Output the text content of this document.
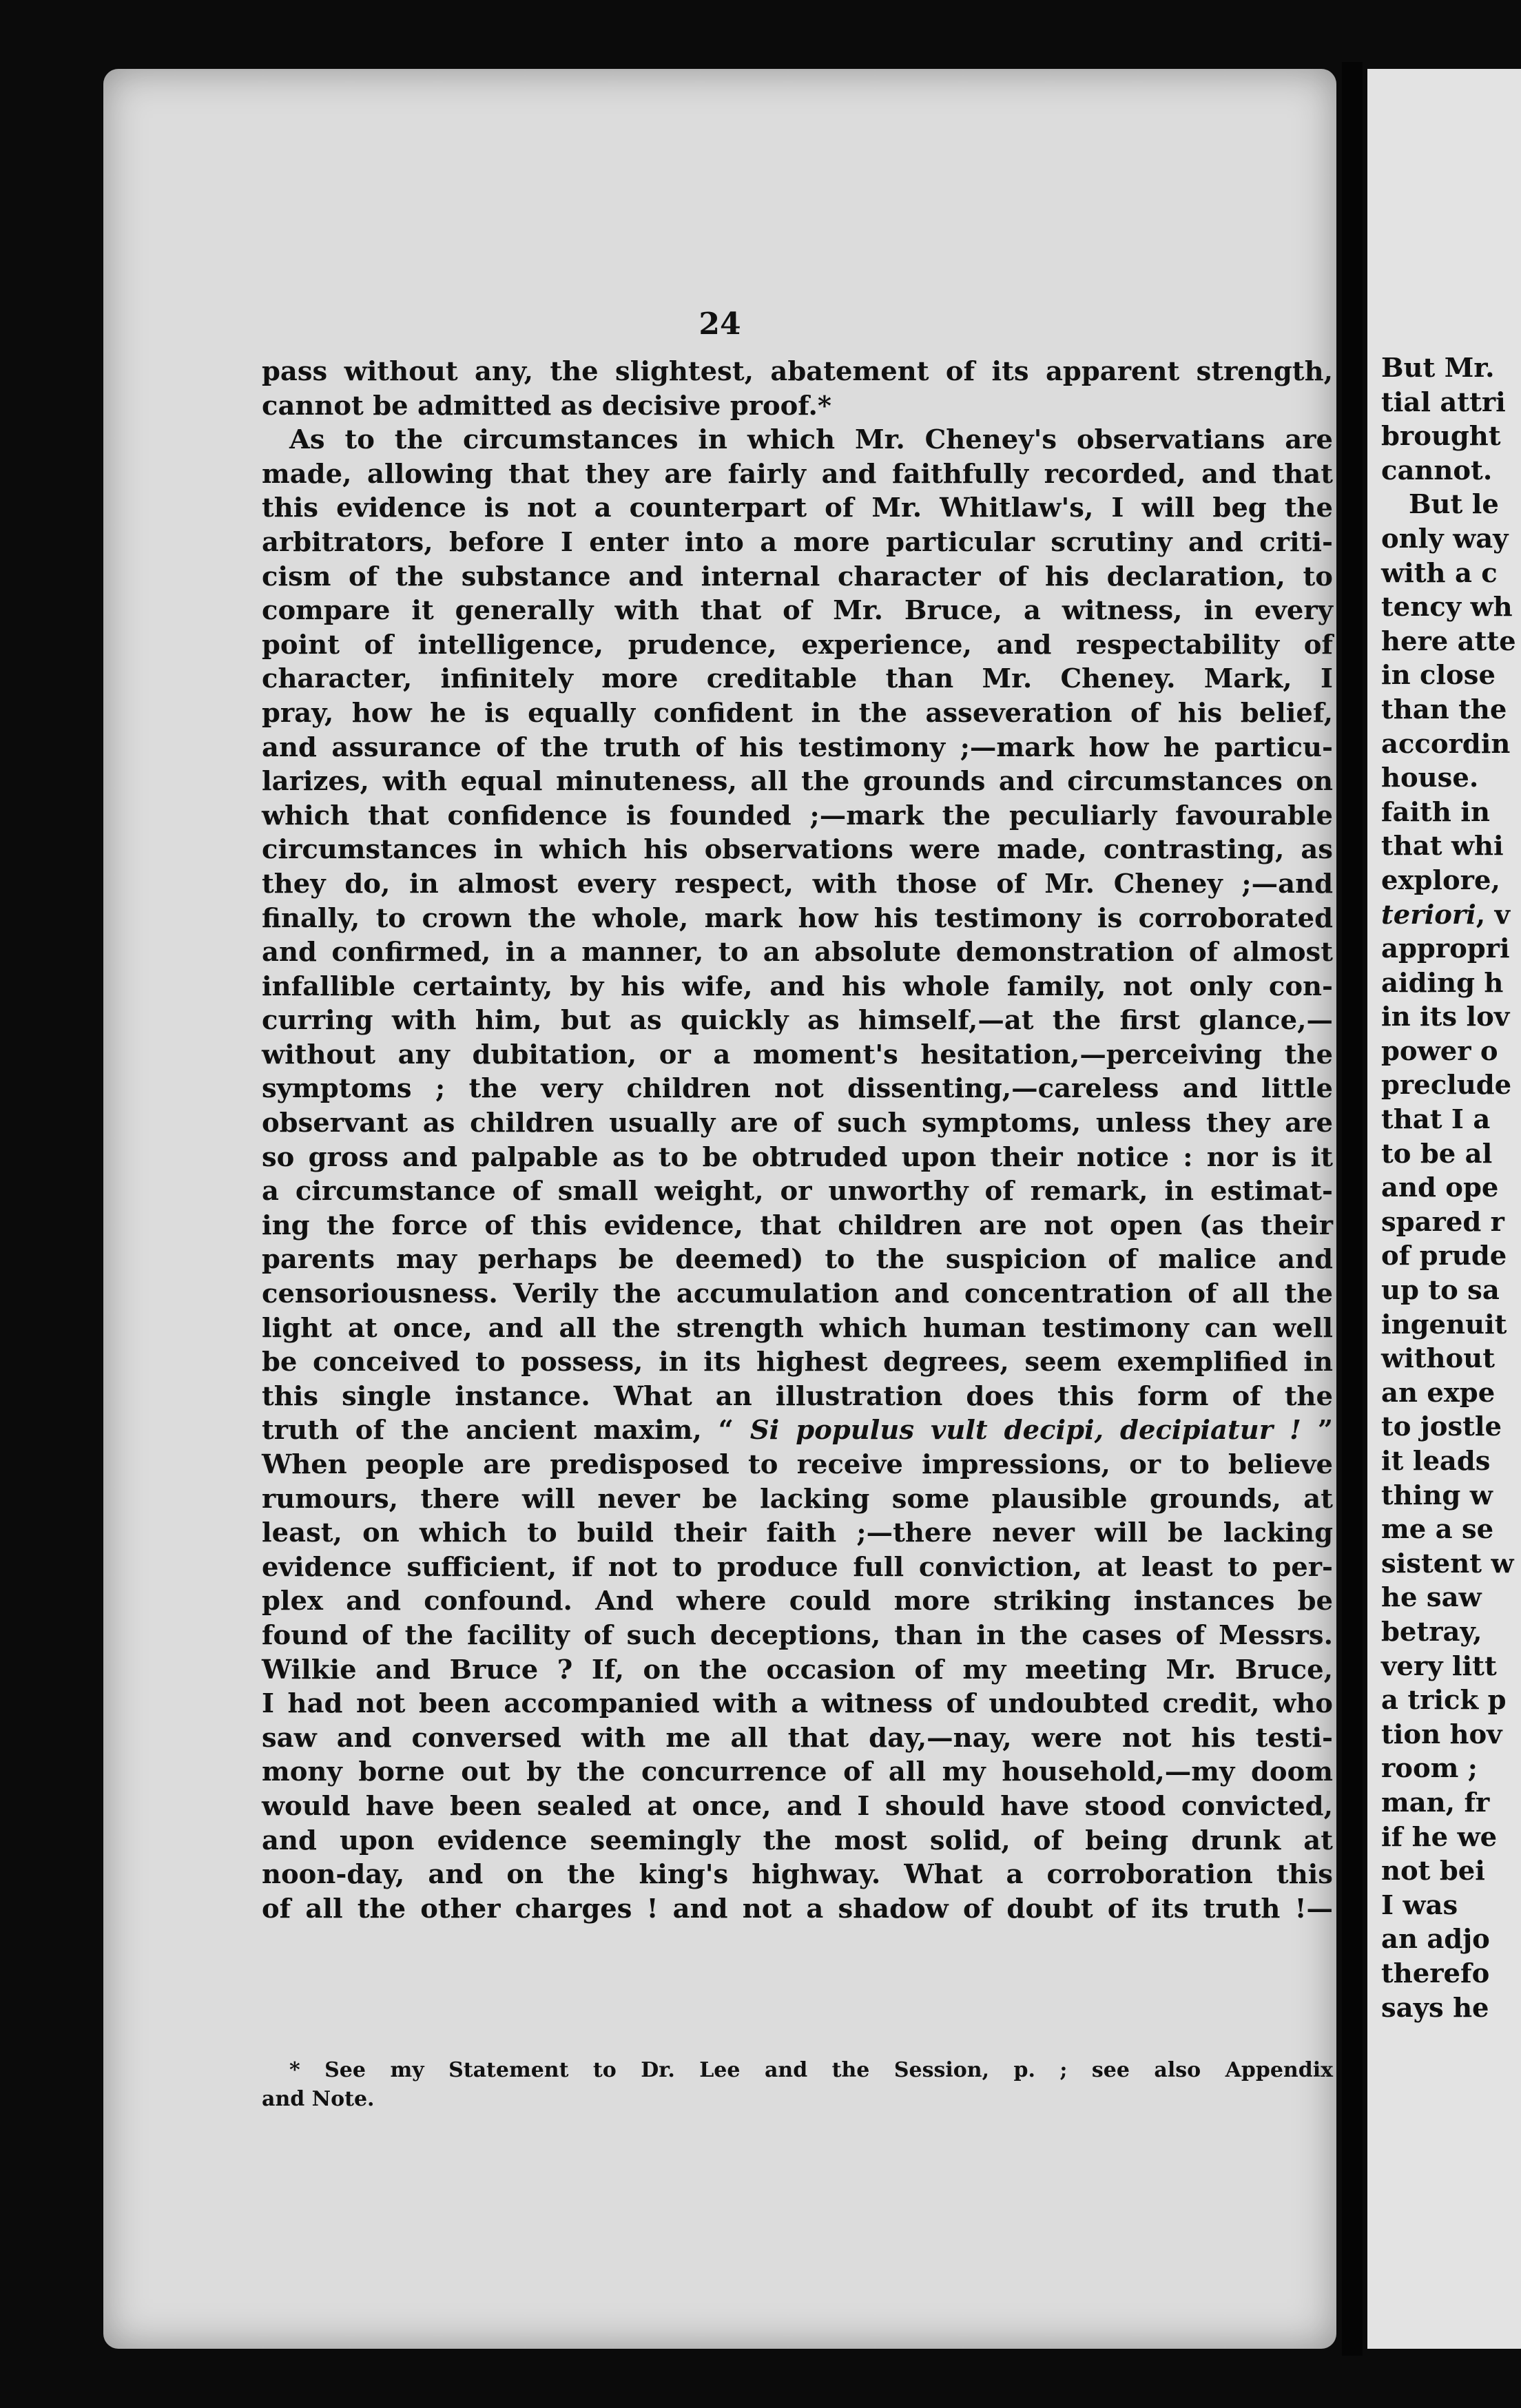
24
pass without any, the slightest, abatement of its apparent strength,
cannot be admitted as decisive proof.*
As to the circumstances in which Mr. Cheney's observatians are
made, allowing that they are fairly and faithfully recorded, and that
this evidence is not a counterpart of Mr. Whitlaw's, I will beg the
arbitrators, before I enter into a more particular scrutiny and criti-
cism of the substance and internal character of his declaration, to
compare it generally with that of Mr. Bruce, a witness, in every
point of intelligence, prudence, experience, and respectability of
character, infinitely more creditable than Mr. Cheney. Mark, I
pray, how he is equally confident in the asseveration of his belief,
and assurance of the truth of his testimony ;—mark how he particu-
larizes, with equal minuteness, all the grounds and circumstances on
which that confidence is founded ;—mark the peculiarly favourable
circumstances in which his observations were made, contrasting, as
they do, in almost every respect, with those of Mr. Cheney ;—and
finally, to crown the whole, mark how his testimony is corroborated
and confirmed, in a manner, to an absolute demonstration of almost
infallible certainty, by his wife, and his whole family, not only con-
curring with him, but as quickly as himself,—at the first glance,—
without any dubitation, or a moment's hesitation,—perceiving the
symptoms ; the very children not dissenting,—careless and little
observant as children usually are of such symptoms, unless they are
so gross and palpable as to be obtruded upon their notice : nor is it
a circumstance of small weight, or unworthy of remark, in estimat-
ing the force of this evidence, that children are not open (as their
parents may perhaps be deemed) to the suspicion of malice and
censoriousness. Verily the accumulation and concentration of all the
light at once, and all the strength which human testimony can well
be conceived to possess, in its highest degrees, seem exemplified in
this single instance. What an illustration does this form of the
truth of the ancient maxim, “ Si populus vult decipi, decipiatur ! ”
When people are predisposed to receive impressions, or to believe
rumours, there will never be lacking some plausible grounds, at
least, on which to build their faith ;—there never will be lacking
evidence sufficient, if not to produce full conviction, at least to per-
plex and confound. And where could more striking instances be
found of the facility of such deceptions, than in the cases of Messrs.
Wilkie and Bruce ? If, on the occasion of my meeting Mr. Bruce,
I had not been accompanied with a witness of undoubted credit, who
saw and conversed with me all that day,—nay, were not his testi-
mony borne out by the concurrence of all my household,—my doom
would have been sealed at once, and I should have stood convicted,
and upon evidence seemingly the most solid, of being drunk at
noon-day, and on the king's highway. What a corroboration this
of all the other charges ! and not a shadow of doubt of its truth !—
* See my Statement to Dr. Lee and the Session, p. ; see also Appendix
and Note.
But Mr.
tial attri
brought
cannot.
But le
only way
with a c
tency wh
here atte
in close
than the
accordin
house.
faith in
that whi
explore,
teriori, v
appropri
aiding h
in its lov
power o
preclude
that I a
to be al
and ope
spared r
of prude
up to sa
ingenuit
without
an expe
to jostle
it leads
thing w
me a se
sistent w
he saw
betray,
very litt
a trick p
tion hov
room ;
man, fr
if he we
not bei
I was
an adjo
therefo
says he
